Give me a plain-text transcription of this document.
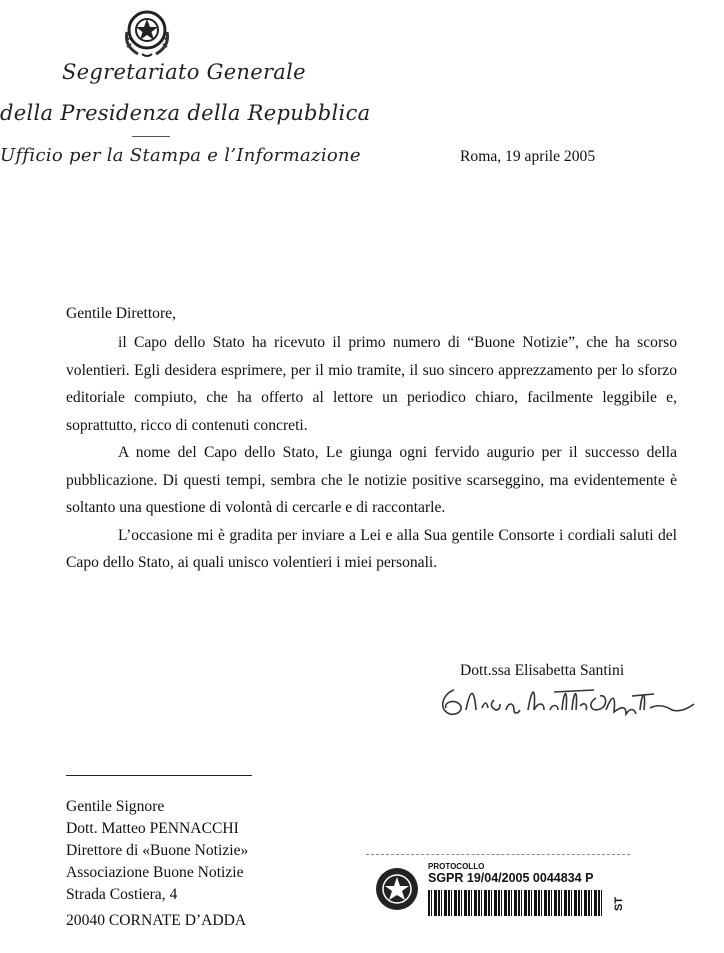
Segretariato Generale
della Presidenza della Repubblica
Ufficio per la Stampa e l’Informazione	Roma, 19 aprile 2005
Gentile Direttore,

il Capo dello Stato ha ricevuto il primo numero di “Buone Notizie”, che ha scorso volentieri. Egli desidera esprimere, per il mio tramite, il suo sincero apprezzamento per lo sforzo editoriale compiuto, che ha offerto al lettore un periodico chiaro, facilmente leggibile e, soprattutto, ricco di contenuti concreti.

A nome del Capo dello Stato, Le giunga ogni fervido augurio per il successo della pubblicazione. Di questi tempi, sembra che le notizie positive scarseggino, ma evidentemente è soltanto una questione di volontà di cercarle e di raccontarle.

L’occasione mi è gradita per inviare a Lei e alla Sua gentile Consorte i cordiali saluti del Capo dello Stato, ai quali unisco volentieri i miei personali.

Dott.ssa Elisabetta Santini
Gentile Signore
Dott. Matteo PENNACCHI
Direttore di «Buone Notizie»
Associazione Buone Notizie
Strada Costiera, 4
20040 CORNATE D’ADDA
PROTOCOLLO
SGPR 19/04/2005 0044834 P
ST
